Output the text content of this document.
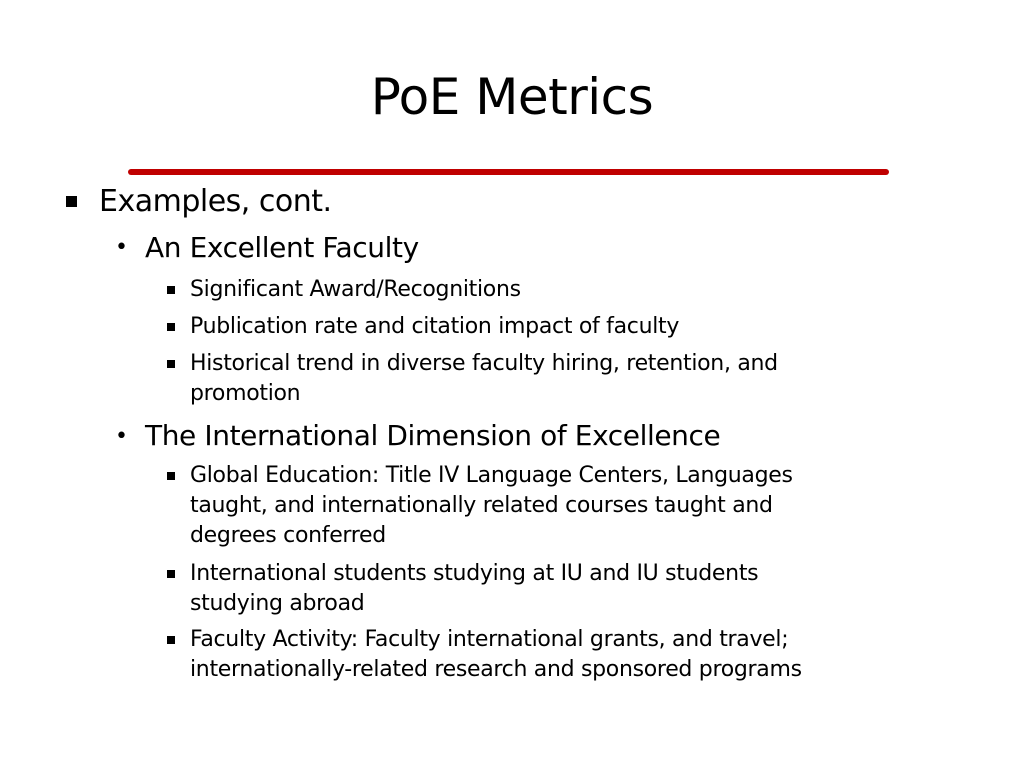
PoE Metrics
Examples, cont.
• An Excellent Faculty
Significant Award/Recognitions
Publication rate and citation impact of faculty
Historical trend in diverse faculty hiring, retention, and
promotion
• The International Dimension of Excellence
Global Education: Title IV Language Centers, Languages
taught, and internationally related courses taught and
degrees conferred
International students studying at IU and IU students
studying abroad
Faculty Activity: Faculty international grants, and travel;
internationally-related research and sponsored programs
